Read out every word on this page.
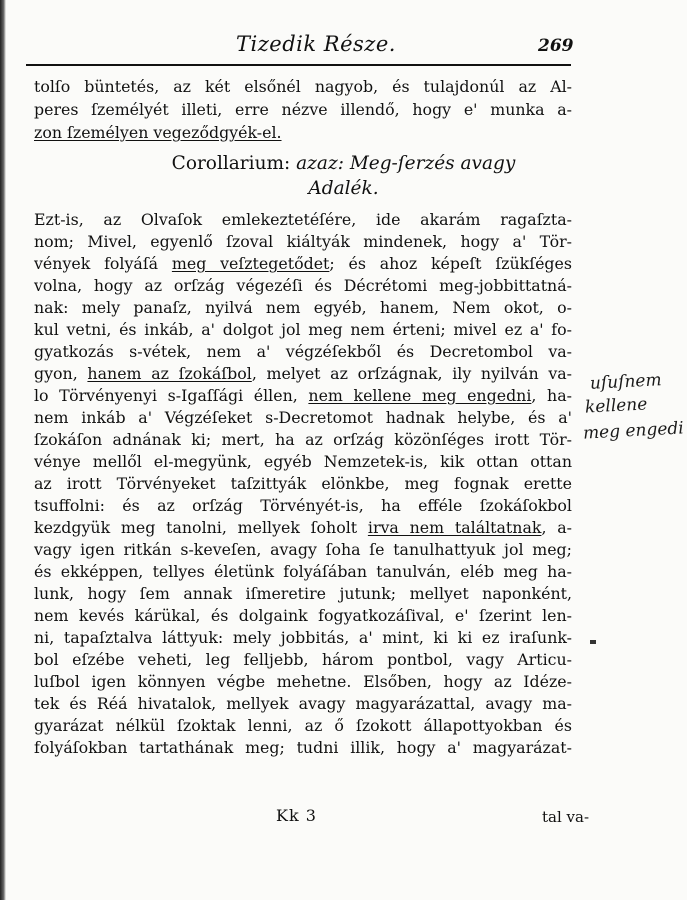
Tizedik Része.	269
tolſo büntetés, az két elsőnél nagyob, és tulajdonúl az Al-
peres ſzemélyét illeti, erre nézve illendő, hogy e' munka a-
zon ſzemélyen vegeződgyék-el.
Corollarium: azaz: Meg-ſerzés avagy
Adalék.
Ezt-is, az Olvaſok emlekeztetéſére, ide akarám ragaſzta-
nom; Mivel, egyenlő ſzoval kiáltyák mindenek, hogy a' Tör-
vények folyáſá meg veſztegetődet; és ahoz képeſt ſzükſéges
volna, hogy az orſzág végezéſi és Décrétomi meg-jobbittatná-
nak: mely panaſz, nyilvá nem egyéb, hanem, Nem okot, o-
kul vetni, és inkáb, a' dolgot jol meg nem érteni; mivel ez a' fo-
gyatkozás s-vétek, nem a' végzéſekből és Decretombol va-
gyon, hanem az ſzokáſbol, melyet az orſzágnak, ily nyilván va-
lo Törvényenyi s-Igaſſági éllen, nem kellene meg engedni, ha-
nem inkáb a' Végzéſeket s-Decretomot hadnak helybe, és a'
ſzokáſon adnának ki; mert, ha az orſzág közönſéges irott Tör-
vénye mellől el-megyünk, egyéb Nemzetek-is, kik ottan ottan
az irott Törvényeket taſzittyák elönkbe, meg fognak erette
tsuffolni: és az orſzág Törvényét-is, ha efféle ſzokáſokbol
kezdgyük meg tanolni, mellyek ſoholt irva nem találtatnak, a-
vagy igen ritkán s-keveſen, avagy ſoha ſe tanulhattyuk jol meg;
és ekképpen, tellyes életünk folyáſában tanulván, eléb meg ha-
lunk, hogy ſem annak iſmeretire jutunk; mellyet naponként,
nem kevés kárükal, és dolgaink fogyatkozáſival, e' ſzerint len-
ni, tapaſztalva láttyuk: mely jobbitás, a' mint, ki ki ez iraſunk-
bol eſzébe veheti, leg felljebb, három pontbol, vagy Articu-
luſbol igen könnyen végbe mehetne. Elsőben, hogy az Idéze-
tek és Réá hivatalok, mellyek avagy magyarázattal, avagy ma-
gyarázat nélkül ſzoktak lenni, az ő ſzokott állapottyokban és
folyáſokban tartathának meg; tudni illik, hogy a' magyarázat-
uſuſnem
kellene
meg engedi
Kk 3	tal va-
